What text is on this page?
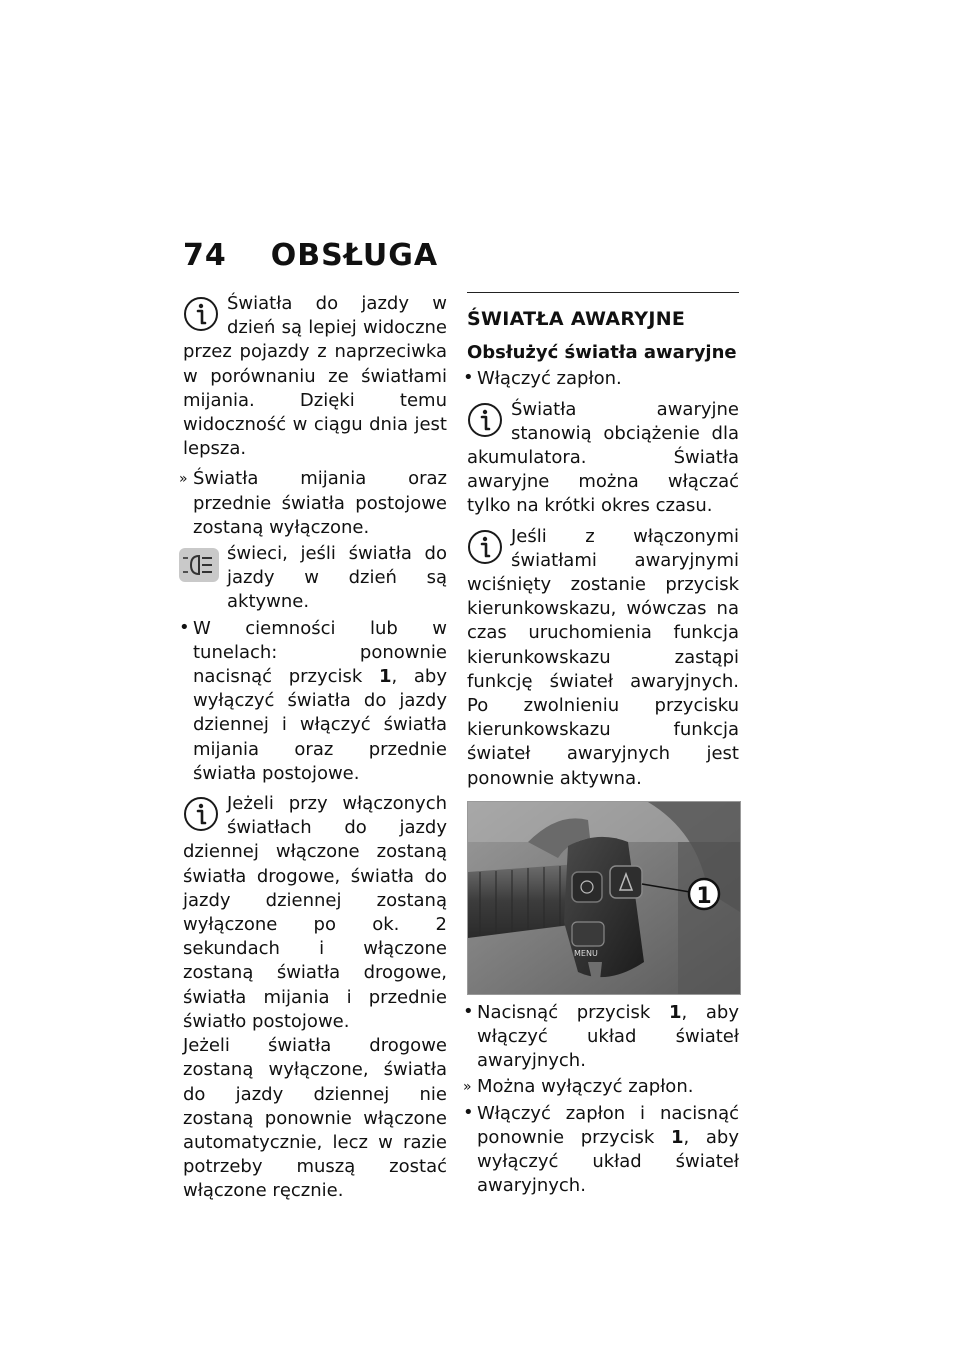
74 OBSŁUGA

Światła do jazdy w dzień są lepiej widoczne przez pojazdy z naprzeciwka w porównaniu ze światłami mijania. Dzięki temu widoczność w ciągu dnia jest lepsza.

» Światła mijania oraz przednie światła postojowe zostaną wyłączone.
świeci, jeśli światła do jazdy w dzień są aktywne.
• W ciemności lub w tunelach: ponownie nacisnąć przycisk 1, aby wyłączyć światła do jazdy dziennej i włączyć światła mijania oraz przednie światła postojowe.

Jeżeli przy włączonych światłach do jazdy dziennej włączone zostaną światła drogowe, światła do jazdy dziennej zostaną wyłączone po ok. 2 sekundach i włączone zostaną światła drogowe, światła mijania i przednie światło postojowe.

Jeżeli światła drogowe zostaną wyłączone, światła do jazdy dziennej nie zostaną ponownie włączone automatycznie, lecz w razie potrzeby muszą zostać włączone ręcznie.

ŚWIATŁA AWARYJNE
Obsłużyć światła awaryjne
• Włączyć zapłon.

Światła awaryjne stanowią obciążenie dla akumulatora. Światła awaryjne można włączać tylko na krótki okres czasu.

Jeśli z włączonymi światłami awaryjnymi wciśnięty zostanie przycisk kierunkowskazu, wówczas na czas uruchomienia funkcja kierunkowskazu zastąpi funkcję świateł awaryjnych. Po zwolnieniu przycisku kierunkowskazu funkcja świateł awaryjnych jest ponownie aktywna.

MENU
1
• Nacisnąć przycisk 1, aby włączyć układ świateł awaryjnych.
» Można wyłączyć zapłon.
• Włączyć zapłon i nacisnąć ponownie przycisk 1, aby wyłączyć układ świateł awaryjnych.
